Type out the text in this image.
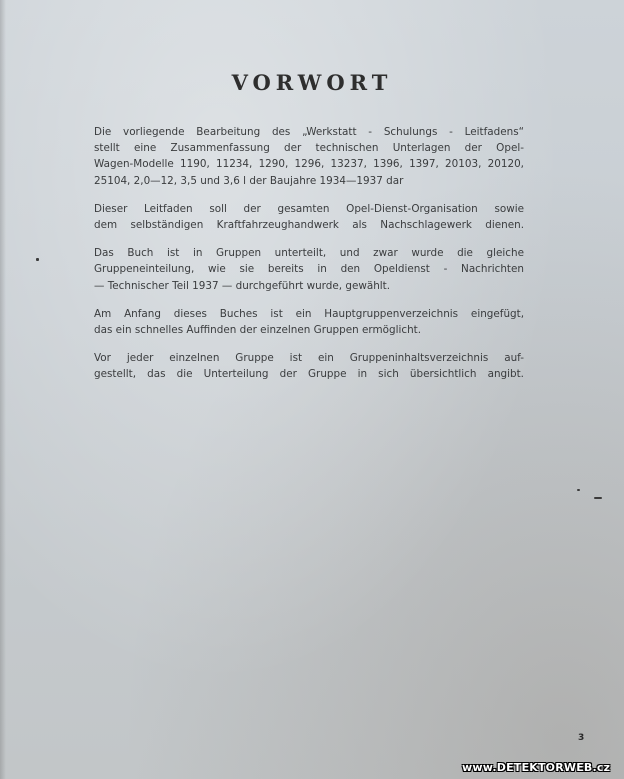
VORWORT

Die vorliegende Bearbeitung des „Werkstatt - Schulungs - Leitfadens“
stellt eine Zusammenfassung der technischen Unterlagen der Opel-
Wagen-Modelle 1190, 11234, 1290, 1296, 13237, 1396, 1397, 20103, 20120,
25104, 2,0—12, 3,5 und 3,6 l der Baujahre 1934—1937 dar

Dieser Leitfaden soll der gesamten Opel-Dienst-Organisation sowie
dem selbständigen Kraftfahrzeughandwerk als Nachschlagewerk dienen.

Das Buch ist in Gruppen unterteilt, und zwar wurde die gleiche
Gruppeneinteilung, wie sie bereits in den Opeldienst - Nachrichten
— Technischer Teil 1937 — durchgeführt wurde, gewählt.

Am Anfang dieses Buches ist ein Hauptgruppenverzeichnis eingefügt,
das ein schnelles Auffinden der einzelnen Gruppen ermöglicht.

Vor jeder einzelnen Gruppe ist ein Gruppeninhaltsverzeichnis auf-
gestellt, das die Unterteilung der Gruppe in sich übersichtlich angibt.

3
www.DETEKTORWEB.cz
